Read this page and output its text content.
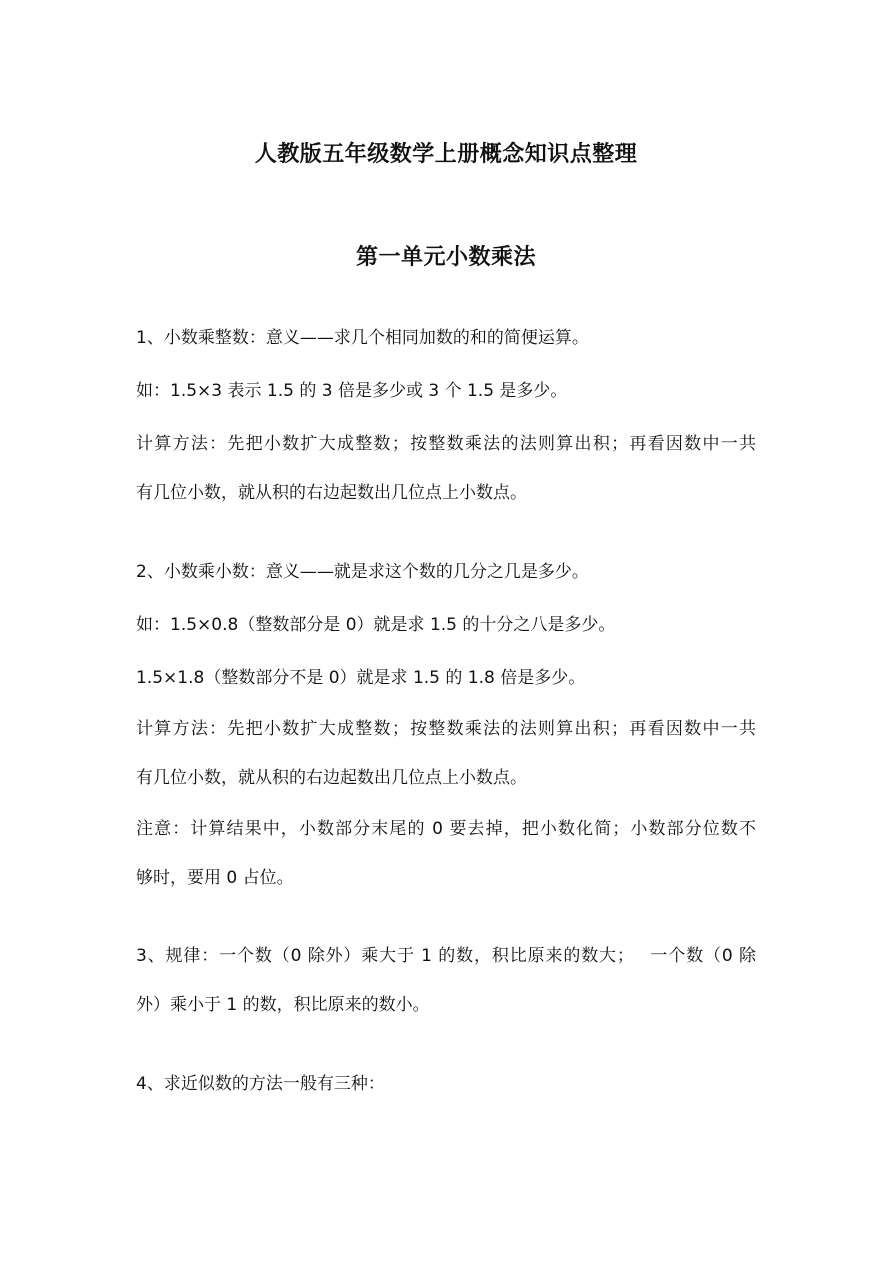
人教版五年级数学上册概念知识点整理
第一单元小数乘法
1、小数乘整数：意义——求几个相同加数的和的简便运算。
如：1.5×3 表示 1.5 的 3 倍是多少或 3 个 1.5 是多少。
计算方法：先把小数扩大成整数；按整数乘法的法则算出积；再看因数中一共
有几位小数，就从积的右边起数出几位点上小数点。
2、小数乘小数：意义——就是求这个数的几分之几是多少。
如：1.5×0.8（整数部分是 0）就是求 1.5 的十分之八是多少。
1.5×1.8（整数部分不是 0）就是求 1.5 的 1.8 倍是多少。
计算方法：先把小数扩大成整数；按整数乘法的法则算出积；再看因数中一共
有几位小数，就从积的右边起数出几位点上小数点。
注意：计算结果中，小数部分末尾的 0 要去掉，把小数化简；小数部分位数不
够时，要用 0 占位。
3、规律：一个数（0 除外）乘大于 1 的数，积比原来的数大；　 一个数（0 除
外）乘小于 1 的数，积比原来的数小。
4、求近似数的方法一般有三种：
